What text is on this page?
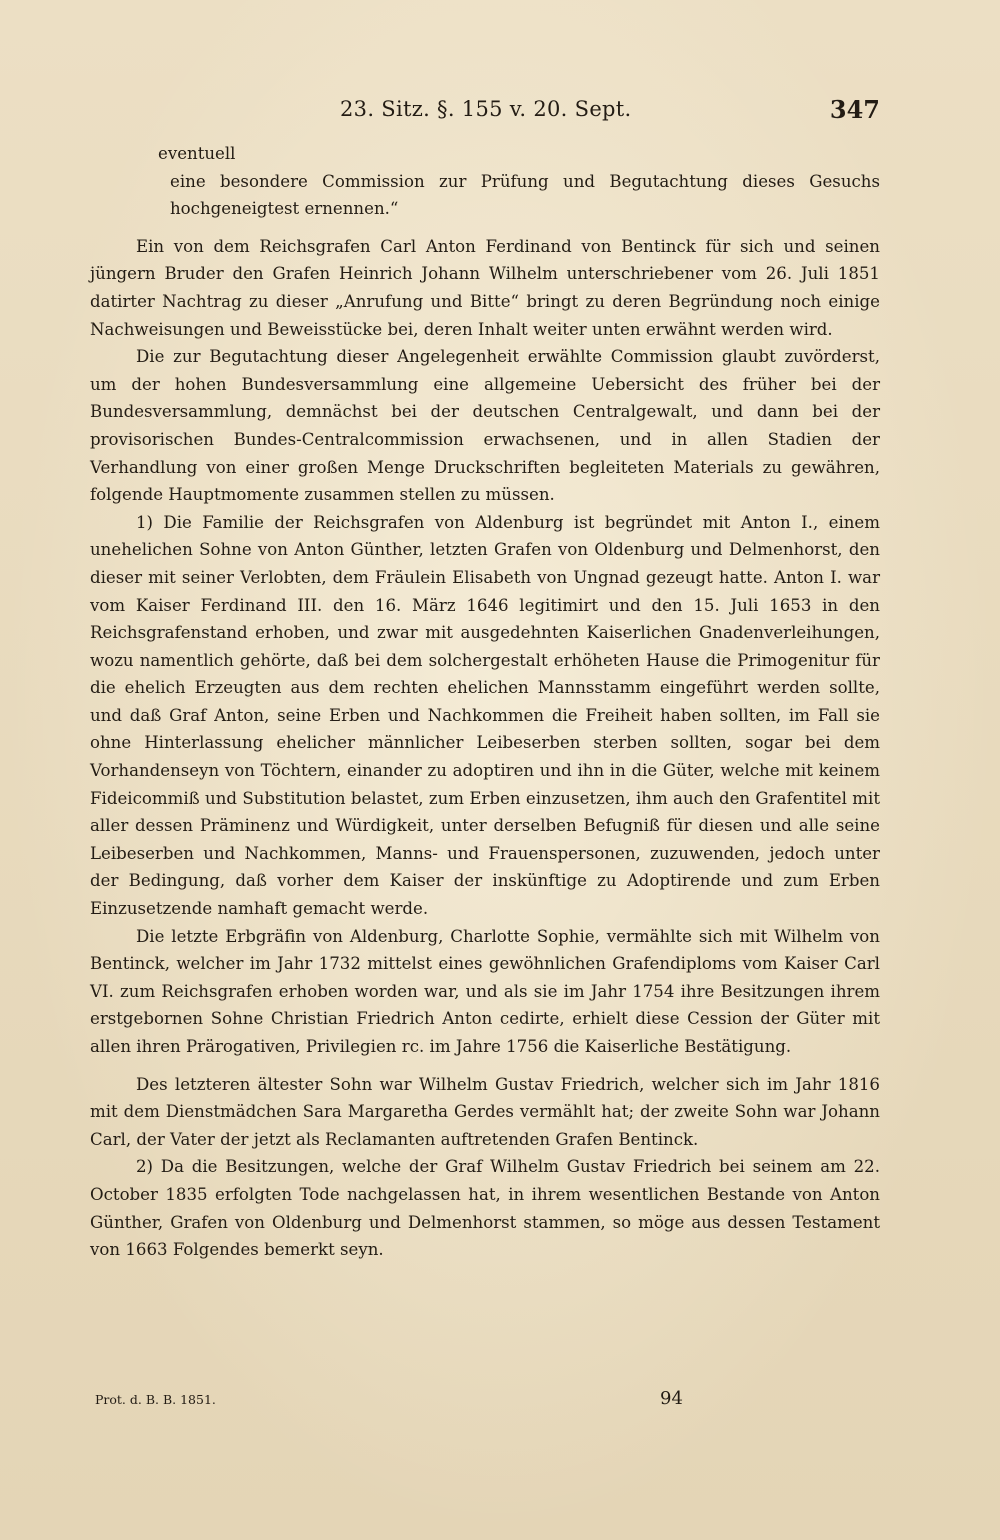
23. Sitz. §. 155 v. 20. Sept.	347

eventuell

eine besondere Commission zur Prüfung und Begutachtung dieses Gesuchs hochgeneigtest ernennen.“

Ein von dem Reichsgrafen Carl Anton Ferdinand von Bentinck für sich und seinen jüngern Bruder den Grafen Heinrich Johann Wilhelm unterschriebener vom 26. Juli 1851 datirter Nachtrag zu dieser „Anrufung und Bitte“ bringt zu deren Begründung noch einige Nachweisungen und Beweisstücke bei, deren Inhalt weiter unten erwähnt werden wird.

Die zur Begutachtung dieser Angelegenheit erwählte Commission glaubt zuvörderst, um der hohen Bundesversammlung eine allgemeine Uebersicht des früher bei der Bundesversammlung, demnächst bei der deutschen Centralgewalt, und dann bei der provisorischen Bundes-Centralcommission erwachsenen, und in allen Stadien der Verhandlung von einer großen Menge Druckschriften begleiteten Materials zu gewähren, folgende Hauptmomente zusammen stellen zu müssen.

1) Die Familie der Reichsgrafen von Aldenburg ist begründet mit Anton I., einem unehelichen Sohne von Anton Günther, letzten Grafen von Oldenburg und Delmenhorst, den dieser mit seiner Verlobten, dem Fräulein Elisabeth von Ungnad gezeugt hatte. Anton I. war vom Kaiser Ferdinand III. den 16. März 1646 legitimirt und den 15. Juli 1653 in den Reichsgrafenstand erhoben, und zwar mit ausgedehnten Kaiserlichen Gnadenverleihungen, wozu namentlich gehörte, daß bei dem solchergestalt erhöheten Hause die Primogenitur für die ehelich Erzeugten aus dem rechten ehelichen Mannsstamm eingeführt werden sollte, und daß Graf Anton, seine Erben und Nachkommen die Freiheit haben sollten, im Fall sie ohne Hinterlassung ehelicher männlicher Leibeserben sterben sollten, sogar bei dem Vorhandenseyn von Töchtern, einander zu adoptiren und ihn in die Güter, welche mit keinem Fideicommiß und Substitution belastet, zum Erben einzusetzen, ihm auch den Grafentitel mit aller dessen Präminenz und Würdigkeit, unter derselben Befugniß für diesen und alle seine Leibeserben und Nachkommen, Manns- und Frauenspersonen, zuzuwenden, jedoch unter der Bedingung, daß vorher dem Kaiser der inskünftige zu Adoptirende und zum Erben Einzusetzende namhaft gemacht werde.

Die letzte Erbgräfin von Aldenburg, Charlotte Sophie, vermählte sich mit Wilhelm von Bentinck, welcher im Jahr 1732 mittelst eines gewöhnlichen Grafendiploms vom Kaiser Carl VI. zum Reichsgrafen erhoben worden war, und als sie im Jahr 1754 ihre Besitzungen ihrem erstgebornen Sohne Christian Friedrich Anton cedirte, erhielt diese Cession der Güter mit allen ihren Prärogativen, Privilegien rc. im Jahre 1756 die Kaiserliche Bestätigung.

Des letzteren ältester Sohn war Wilhelm Gustav Friedrich, welcher sich im Jahr 1816 mit dem Dienstmädchen Sara Margaretha Gerdes vermählt hat; der zweite Sohn war Johann Carl, der Vater der jetzt als Reclamanten auftretenden Grafen Bentinck.

2) Da die Besitzungen, welche der Graf Wilhelm Gustav Friedrich bei seinem am 22. October 1835 erfolgten Tode nachgelassen hat, in ihrem wesentlichen Bestande von Anton Günther, Grafen von Oldenburg und Delmenhorst stammen, so möge aus dessen Testament von 1663 Folgendes bemerkt seyn.

Prot. d. B. B. 1851.	94
